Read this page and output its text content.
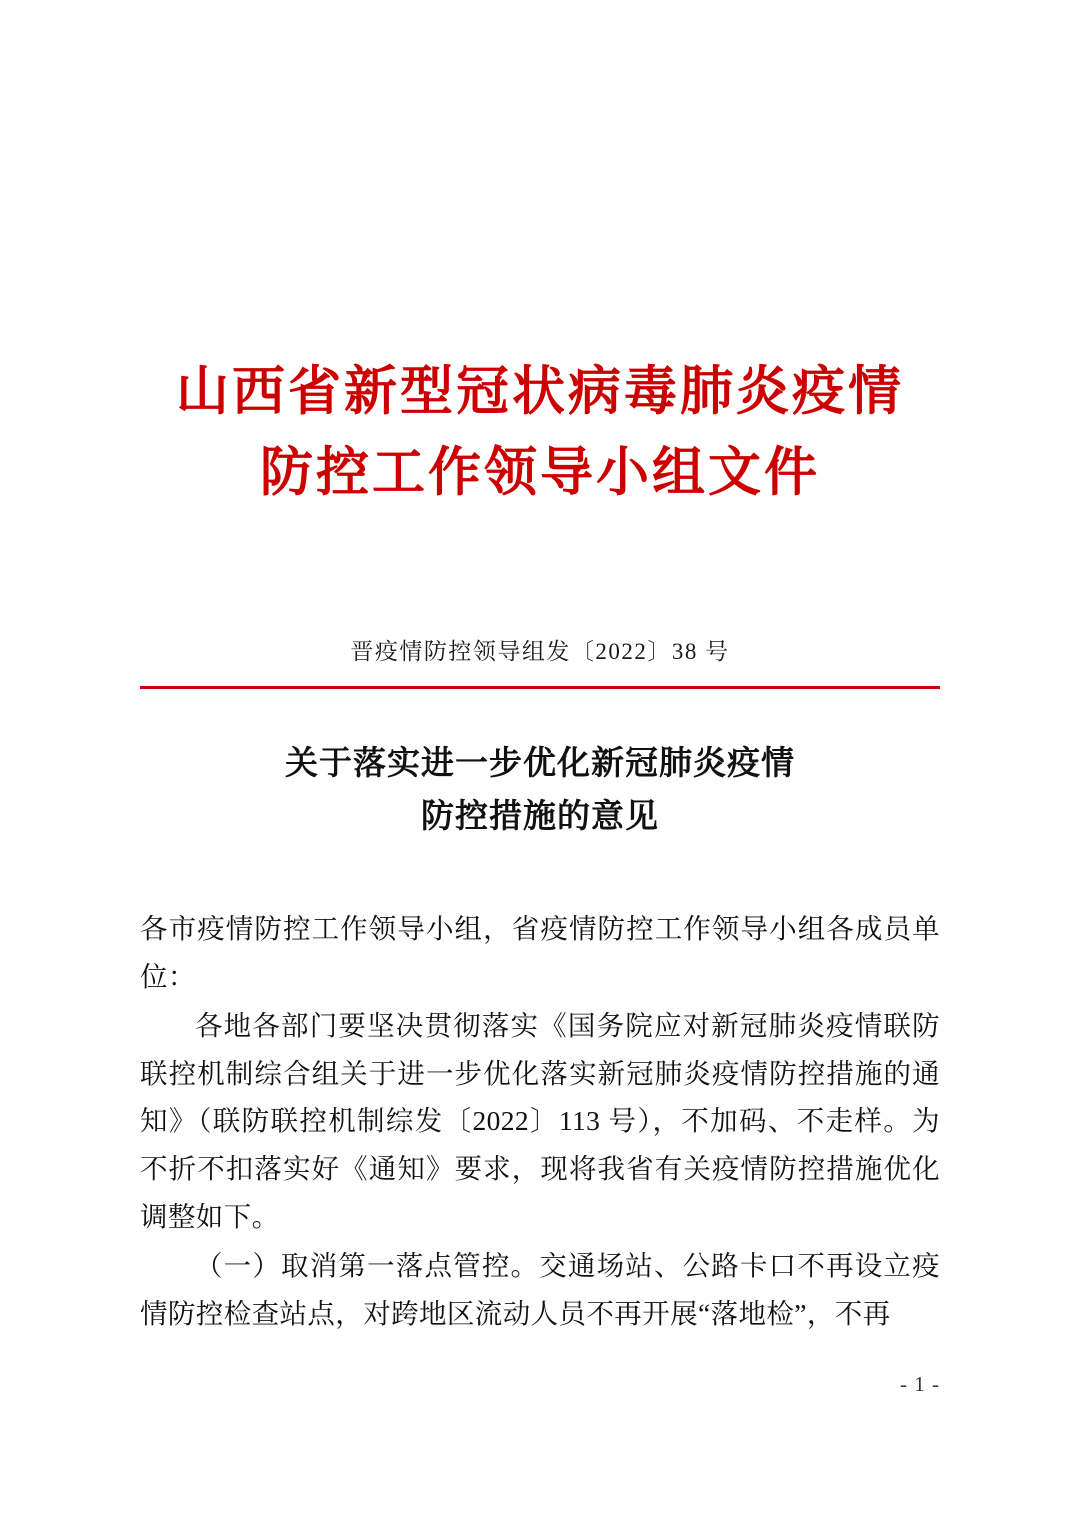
山西省新型冠状病毒肺炎疫情
防控工作领导小组文件
晋疫情防控领导组发〔2022〕38 号
关于落实进一步优化新冠肺炎疫情
防控措施的意见

各市疫情防控工作领导小组，省疫情防控工作领导小组各成员单位：

各地各部门要坚决贯彻落实《国务院应对新冠肺炎疫情联防联控机制综合组关于进一步优化落实新冠肺炎疫情防控措施的通知》（联防联控机制综发〔2022〕113 号），不加码、不走样。为不折不扣落实好《通知》要求，现将我省有关疫情防控措施优化调整如下。

（一）取消第一落点管控。交通场站、公路卡口不再设立疫情防控检查站点，对跨地区流动人员不再开展“落地检”，不再

- 1 -
